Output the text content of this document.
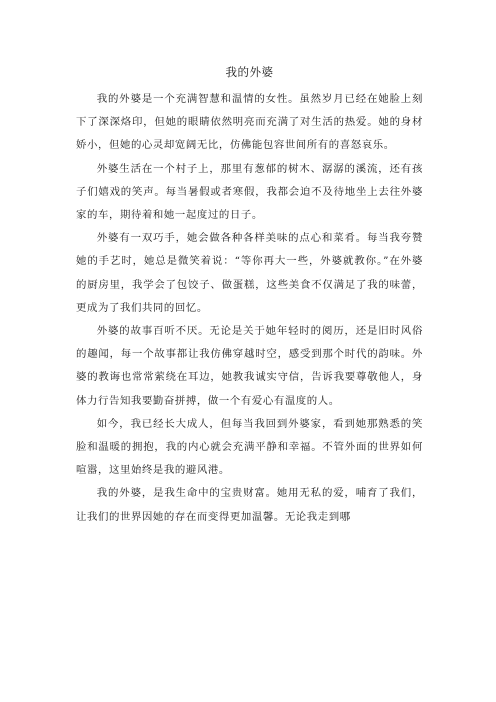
我的外婆

我的外婆是一个充满智慧和温情的女性。虽然岁月已经在她脸上刻下了深深烙印，但她的眼睛依然明亮而充满了对生活的热爱。她的身材娇小，但她的心灵却宽阔无比，仿佛能包容世间所有的喜怒哀乐。

外婆生活在一个村子上，那里有葱郁的树木、潺潺的溪流，还有孩子们嬉戏的笑声。每当暑假或者寒假，我都会迫不及待地坐上去往外婆家的车，期待着和她一起度过的日子。

外婆有一双巧手，她会做各种各样美味的点心和菜肴。每当我夸赞她的手艺时，她总是微笑着说：“等你再大一些，外婆就教你。”在外婆的厨房里，我学会了包饺子、做蛋糕，这些美食不仅满足了我的味蕾，更成为了我们共同的回忆。

外婆的故事百听不厌。无论是关于她年轻时的阅历，还是旧时风俗的趣闻，每一个故事都让我仿佛穿越时空，感受到那个时代的韵味。外婆的教诲也常常萦绕在耳边，她教我诚实守信，告诉我要尊敬他人，身体力行告知我要勤奋拼搏，做一个有爱心有温度的人。

如今，我已经长大成人，但每当我回到外婆家，看到她那熟悉的笑脸和温暖的拥抱，我的内心就会充满平静和幸福。不管外面的世界如何喧嚣，这里始终是我的避风港。

我的外婆，是我生命中的宝贵财富。她用无私的爱，哺育了我们，让我们的世界因她的存在而变得更加温馨。无论我走到哪
